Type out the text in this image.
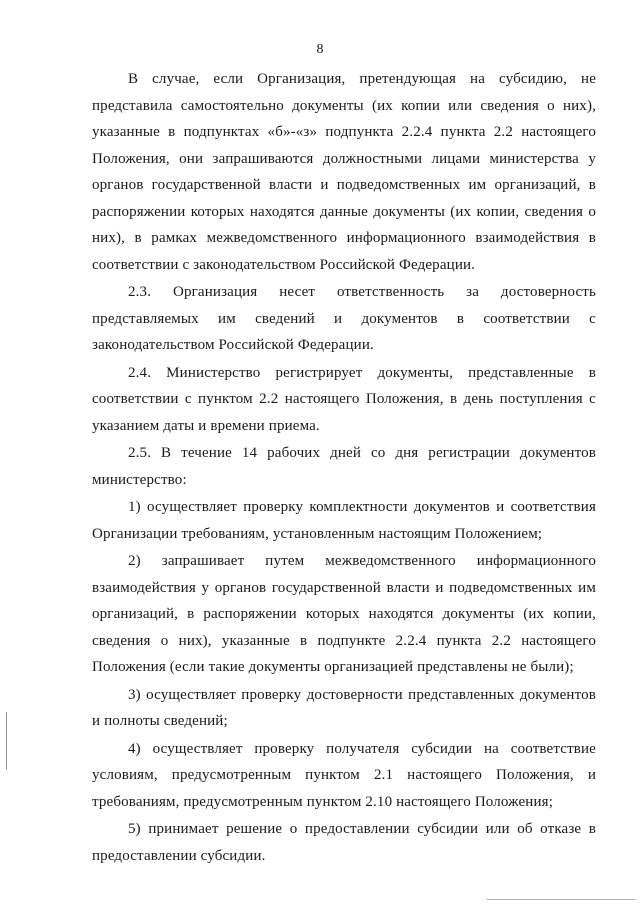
8

В случае, если Организация, претендующая на субсидию, не представила самостоятельно документы (их копии или сведения о них), указанные в подпунктах «б»-«з» подпункта 2.2.4 пункта 2.2 настоящего Положения, они запрашиваются должностными лицами министерства у органов государственной власти и подведомственных им организаций, в распоряжении которых находятся данные документы (их копии, сведения о них), в рамках межведомственного информационного взаимодействия в соответствии с законодательством Российской Федерации.

2.3. Организация несет ответственность за достоверность представляемых им сведений и документов в соответствии с законодательством Российской Федерации.

2.4. Министерство регистрирует документы, представленные в соответствии с пунктом 2.2 настоящего Положения, в день поступления с указанием даты и времени приема.

2.5. В течение 14 рабочих дней со дня регистрации документов министерство:

1) осуществляет проверку комплектности документов и соответствия Организации требованиям, установленным настоящим Положением;

2) запрашивает путем межведомственного информационного взаимодействия у органов государственной власти и подведомственных им организаций, в распоряжении которых находятся документы (их копии, сведения о них), указанные в подпункте 2.2.4 пункта 2.2 настоящего Положения (если такие документы организацией представлены не были);

3) осуществляет проверку достоверности представленных документов и полноты сведений;

4) осуществляет проверку получателя субсидии на соответствие условиям, предусмотренным пунктом 2.1 настоящего Положения, и требованиям, предусмотренным пунктом 2.10 настоящего Положения;

5) принимает решение о предоставлении субсидии или об отказе в предоставлении субсидии.
